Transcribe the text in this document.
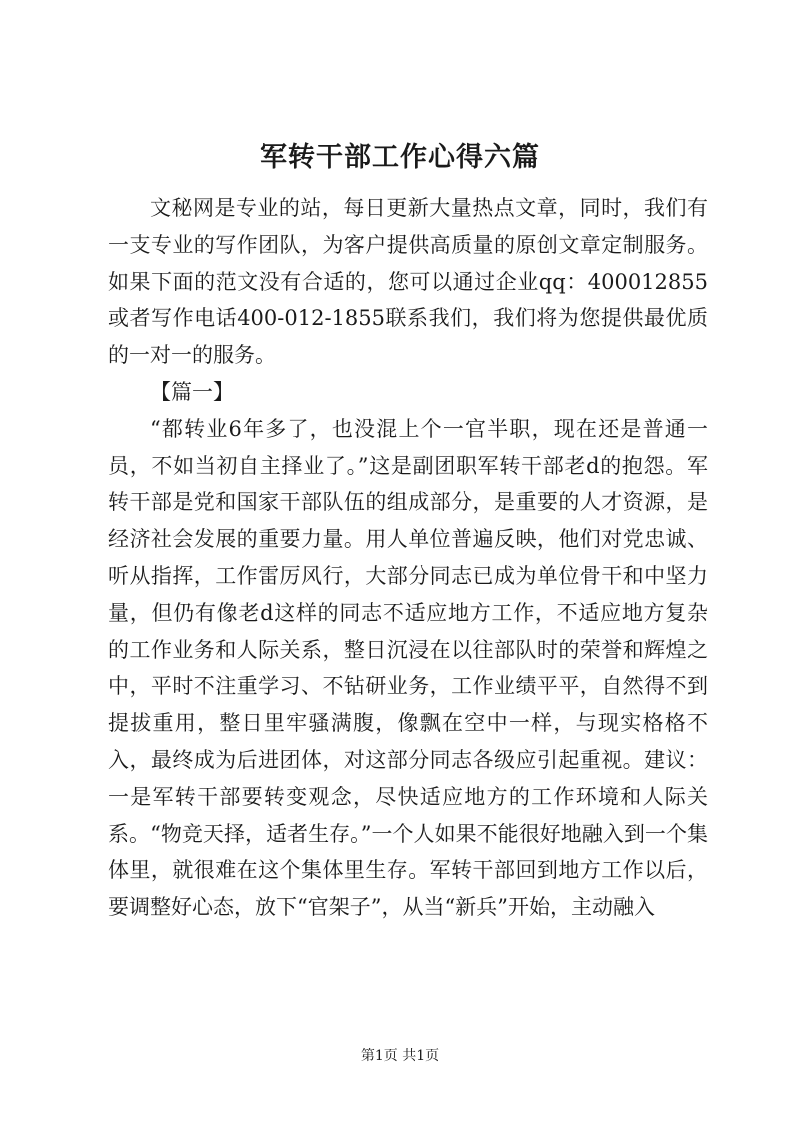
军转干部工作心得六篇

文秘网是专业的站，每日更新大量热点文章，同时，我们有一支专业的写作团队，为客户提供高质量的原创文章定制服务。如果下面的范文没有合适的，您可以通过企业qq：400012855或者写作电话400-012-1855联系我们，我们将为您提供最优质的一对一的服务。

【篇一】

“都转业6年多了，也没混上个一官半职，现在还是普通一员，不如当初自主择业了。”这是副团职军转干部老d的抱怨。军转干部是党和国家干部队伍的组成部分，是重要的人才资源，是经济社会发展的重要力量。用人单位普遍反映，他们对党忠诚、听从指挥，工作雷厉风行，大部分同志已成为单位骨干和中坚力量，但仍有像老d这样的同志不适应地方工作，不适应地方复杂的工作业务和人际关系，整日沉浸在以往部队时的荣誉和辉煌之中，平时不注重学习、不钻研业务，工作业绩平平，自然得不到提拔重用，整日里牢骚满腹，像飘在空中一样，与现实格格不入，最终成为后进团体，对这部分同志各级应引起重视。建议：一是军转干部要转变观念，尽快适应地方的工作环境和人际关系。“物竞天择，适者生存。”一个人如果不能很好地融入到一个集体里，就很难在这个集体里生存。军转干部回到地方工作以后，要调整好心态，放下“官架子”，从当“新兵”开始，主动融入

第1页 共1页
